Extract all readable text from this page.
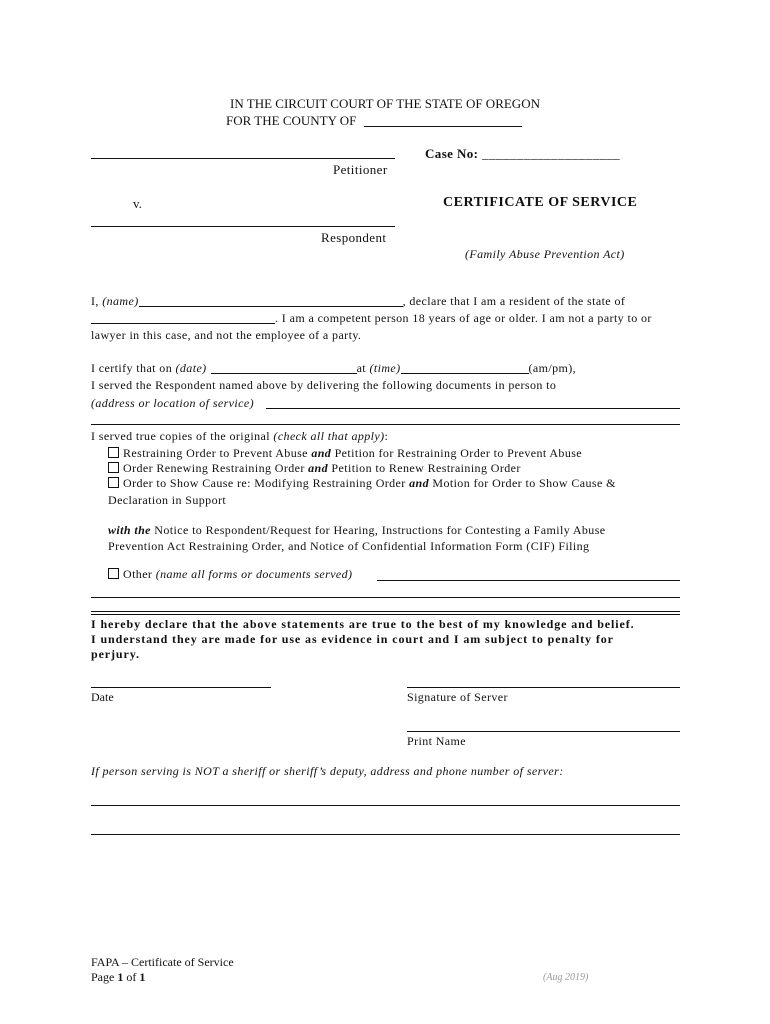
IN THE CIRCUIT COURT OF THE STATE OF OREGON
FOR THE COUNTY OF
Petitioner
Case No: ____________________
v.	CERTIFICATE OF SERVICE
Respondent
(Family Abuse Prevention Act)
I, (name)	, declare that I am a resident of the state of
. I am a competent person 18 years of age or older. I am not a party to or
lawyer in this case, and not the employee of a party.
I certify that on (date)	at (time)	(am/pm),
I served the Respondent named above by delivering the following documents in person to
(address or location of service)
I served true copies of the original (check all that apply):
Restraining Order to Prevent Abuse and Petition for Restraining Order to Prevent Abuse
Order Renewing Restraining Order and Petition to Renew Restraining Order
Order to Show Cause re: Modifying Restraining Order and Motion for Order to Show Cause &
Declaration in Support
with the Notice to Respondent/Request for Hearing, Instructions for Contesting a Family Abuse
Prevention Act Restraining Order, and Notice of Confidential Information Form (CIF) Filing
Other (name all forms or documents served)
I hereby declare that the above statements are true to the best of my knowledge and belief.
I understand they are made for use as evidence in court and I am subject to penalty for
perjury.
Date	Signature of Server
Print Name
If person serving is NOT a sheriff or sheriff’s deputy, address and phone number of server:
FAPA – Certificate of Service
Page 1 of 1	(Aug 2019)
